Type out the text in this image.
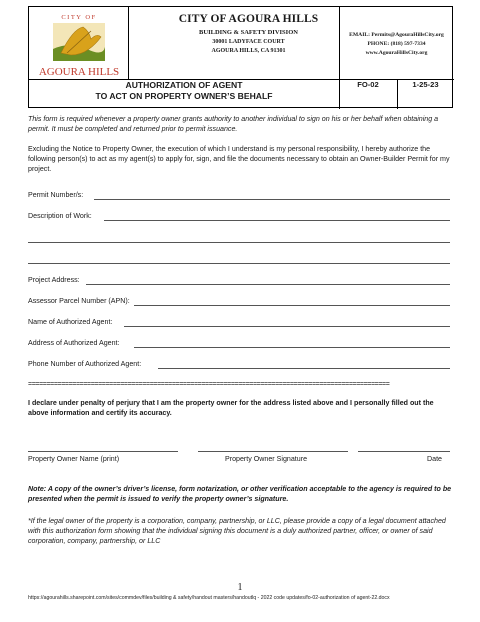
CITY OF
AGOURA HILLS
CITY OF AGOURA HILLS
BUILDING & SAFETY DIVISION
30001 LADYFACE COURT
AGOURA HILLS, CA 91301
EMAIL: Permits@AgouraHillsCity.org
PHONE: (818) 597-7334
www.AgouraHillsCity.org
AUTHORIZATION OF AGENT
TO ACT ON PROPERTY OWNER’S BEHALF
FO-02	1-25-23
This form is required whenever a property owner grants authority to another individual to sign on his or her behalf when obtaining a permit. It must be completed and returned prior to permit issuance.
Excluding the Notice to Property Owner, the execution of which I understand is my personal responsibility, I hereby authorize the following person(s) to act as my agent(s) to apply for, sign, and file the documents necessary to obtain an Owner-Builder Permit for my project.
Permit Number/s:
Description of Work:
Project Address:
Assessor Parcel Number (APN):
Name of Authorized Agent:
Address of Authorized Agent:
Phone Number of Authorized Agent:
==================================================================================================
I declare under penalty of perjury that I am the property owner for the address listed above and I personally filled out the above information and certify its accuracy.
Property Owner Name (print)	Property Owner Signature	Date
Note: A copy of the owner’s driver’s license, form notarization, or other verification acceptable to the agency is required to be presented when the permit is issued to verify the property owner’s signature.
*If the legal owner of the property is a corporation, company, partnership, or LLC, please provide a copy of a legal document attached with this authorization form showing that the individual signing this document is a duly authorized partner, officer, or owner of said corporation, company, partnership, or LLC
1
https://agourahills.sharepoint.com/sites/commdev/files/building & safety/handout masters/handoutlq - 2022 code updates/fo-02-authorization of agent-22.docx
